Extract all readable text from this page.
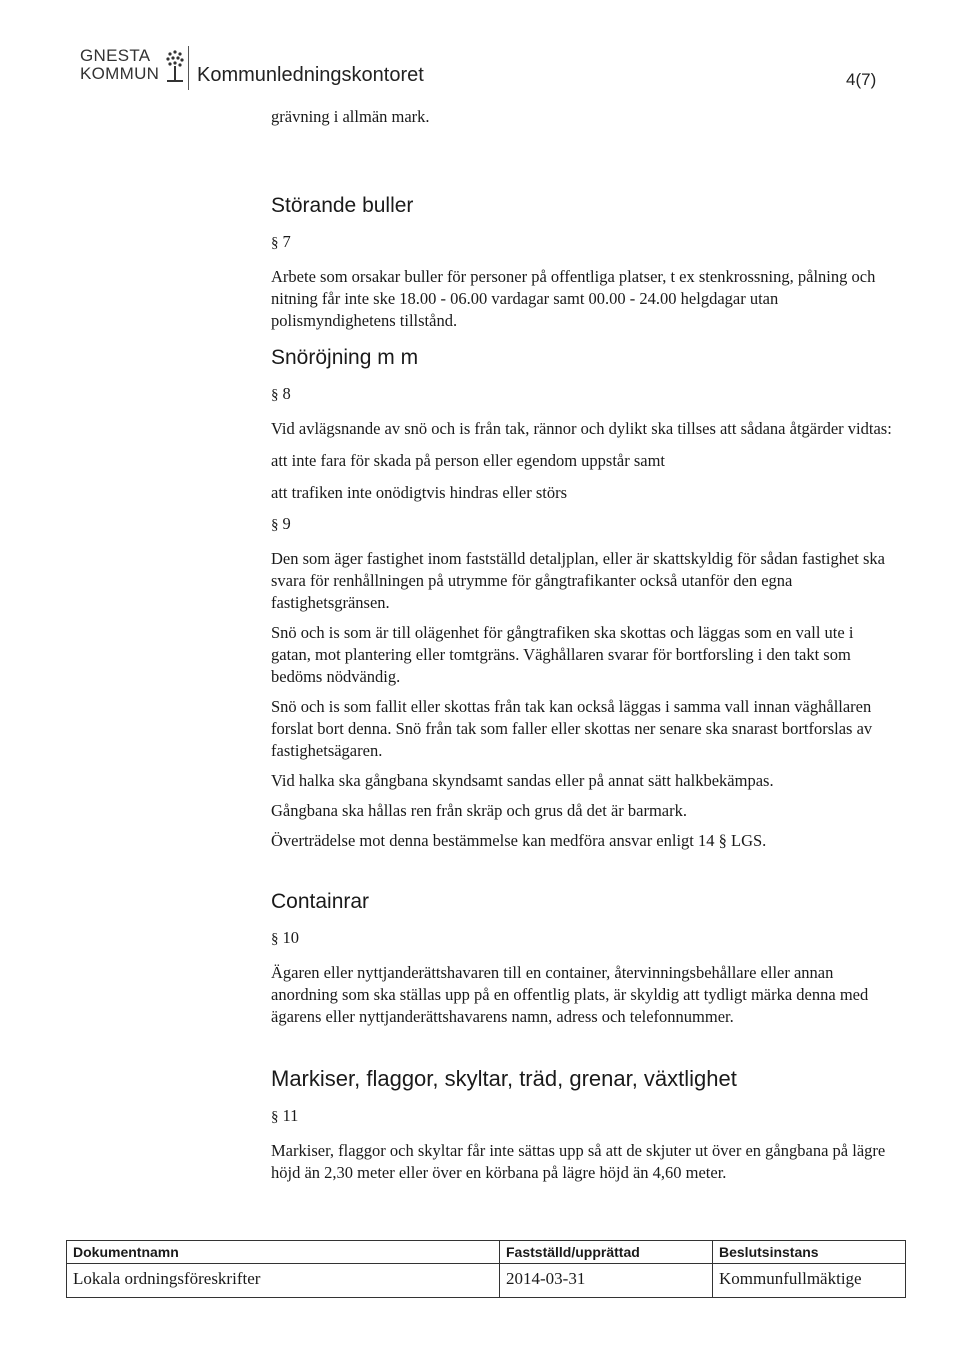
GNESTA
KOMMUN	Kommunledningskontoret	4(7)

grävning i allmän mark.

Störande buller
§ 7

Arbete som orsakar buller för personer på offentliga platser, t ex stenkrossning, pålning och nitning får inte ske 18.00 - 06.00 vardagar samt 00.00 - 24.00 helgdagar utan polismyndighetens tillstånd.

Snöröjning m m
§ 8

Vid avlägsnande av snö och is från tak, rännor och dylikt ska tillses att sådana åtgärder vidtas:

att inte fara för skada på person eller egendom uppstår samt

att trafiken inte onödigtvis hindras eller störs

§ 9

Den som äger fastighet inom fastställd detaljplan, eller är skattskyldig för sådan fastighet ska svara för renhållningen på utrymme för gångtrafikanter också utanför den egna fastighetsgränsen.

Snö och is som är till olägenhet för gångtrafiken ska skottas och läggas som en vall ute i gatan, mot plantering eller tomtgräns. Väghållaren svarar för bortforsling i den takt som bedöms nödvändig.

Snö och is som fallit eller skottas från tak kan också läggas i samma vall innan väghållaren forslat bort denna. Snö från tak som faller eller skottas ner senare ska snarast bortforslas av fastighetsägaren.

Vid halka ska gångbana skyndsamt sandas eller på annat sätt halkbekämpas.

Gångbana ska hållas ren från skräp och grus då det är barmark.

Överträdelse mot denna bestämmelse kan medföra ansvar enligt 14 § LGS.

Containrar
§ 10

Ägaren eller nyttjanderättshavaren till en container, återvinningsbehållare eller annan anordning som ska ställas upp på en offentlig plats, är skyldig att tydligt märka denna med ägarens eller nyttjanderättshavarens namn, adress och telefonnummer.

Markiser, flaggor, skyltar, träd, grenar, växtlighet
§ 11

Markiser, flaggor och skyltar får inte sättas upp så att de skjuter ut över en gångbana på lägre höjd än 2,30 meter eller över en körbana på lägre höjd än 4,60 meter.

Dokumentnamn	Fastställd/upprättad	Beslutsinstans
Lokala ordningsföreskrifter	2014-03-31	Kommunfullmäktige
